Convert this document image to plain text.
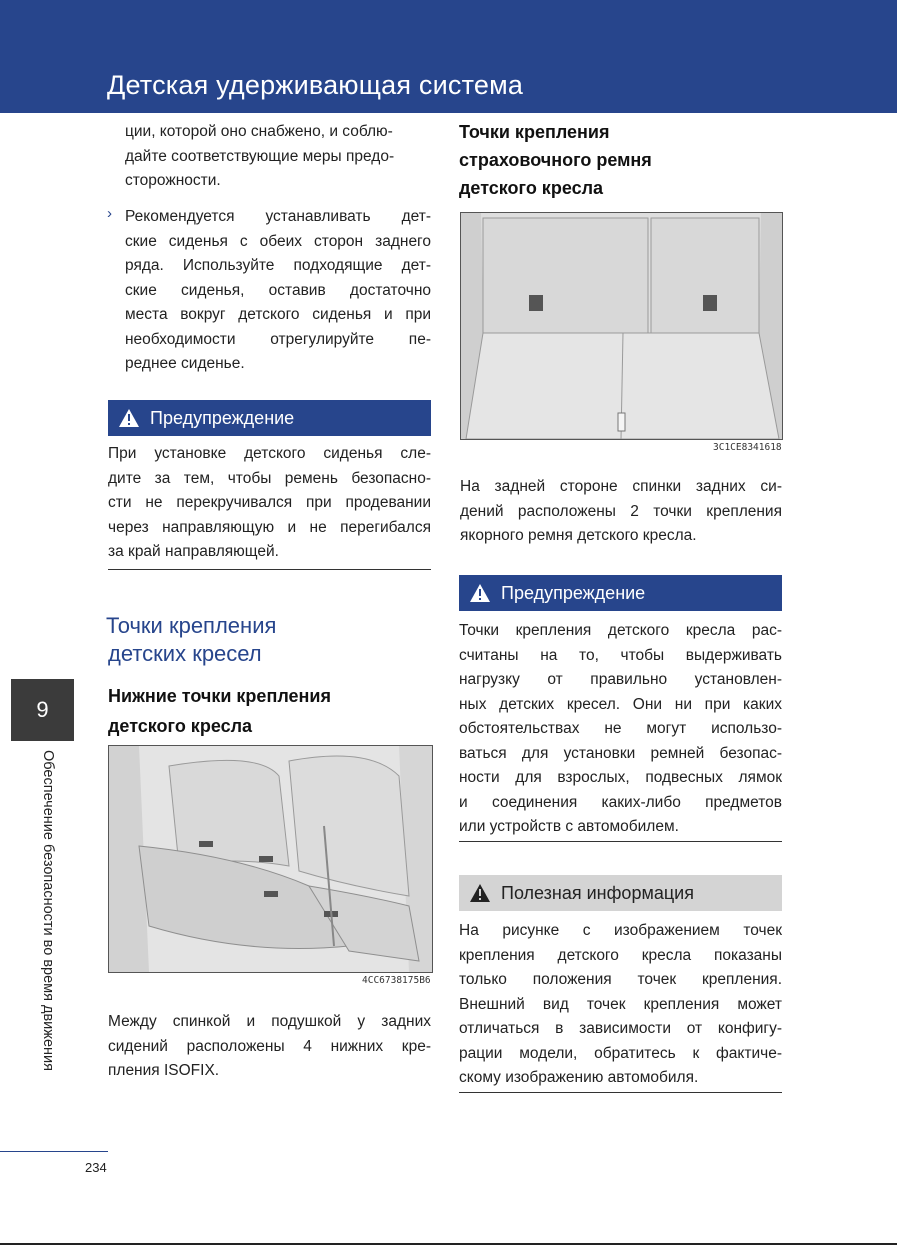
Детская удерживающая система
ции, которой оно снабжено, и соблю-
дайте соответствующие меры предо-
сторожности.
› Рекомендуется устанавливать дет-
ские сиденья с обеих сторон заднего
ряда. Используйте подходящие дет-
ские сиденья, оставив достаточно
места вокруг детского сиденья и при
необходимости отрегулируйте пе-
реднее сиденье.
Предупреждение
При установке детского сиденья сле-
дите за тем, чтобы ремень безопасно-
сти не перекручивался при продевании
через направляющую и не перегибался
за край направляющей.
Точки крепления
детских кресел
Нижние точки крепления
детского кресла
4CC6738175B6
Между спинкой и подушкой у задних
сидений расположены 4 нижних кре-
пления ISOFIX.
Точки крепления
страховочного ремня
детского кресла
3C1CE8341618
На задней стороне спинки задних си-
дений расположены 2 точки крепления
якорного ремня детского кресла.
Предупреждение
Точки крепления детского кресла рас-
считаны на то, чтобы выдерживать
нагрузку от правильно установлен-
ных детских кресел. Они ни при каких
обстоятельствах не могут использо-
ваться для установки ремней безопас-
ности для взрослых, подвесных лямок
и соединения каких-либо предметов
или устройств с автомобилем.
Полезная информация
На рисунке с изображением точек
крепления детского кресла показаны
только положения точек крепления.
Внешний вид точек крепления может
отличаться в зависимости от конфигу-
рации модели, обратитесь к фактиче-
скому изображению автомобиля.
9
Обеспечение безопасности во время движения
234
